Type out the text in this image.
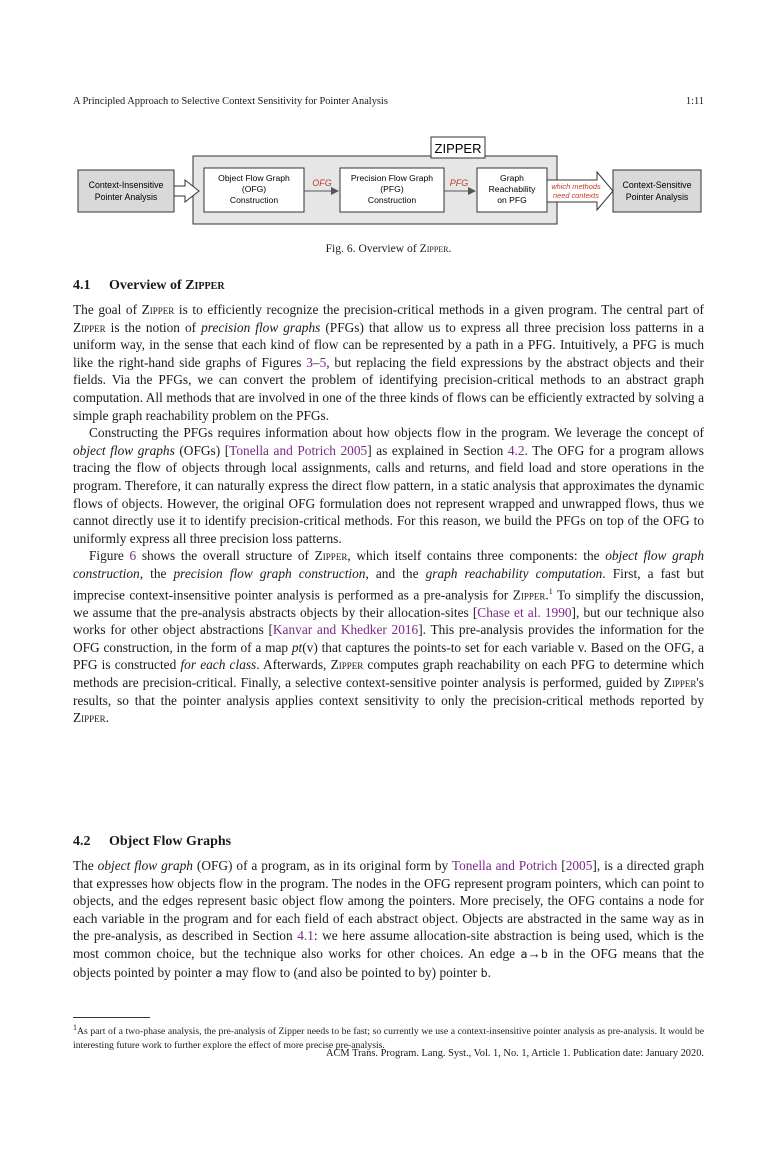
A Principled Approach to Selective Context Sensitivity for Pointer Analysis	1:11
ZIPPER
Context-Insensitive
Pointer Analysis
Object Flow Graph
(OFG)
Construction
OFG Precision Flow Graph
(PFG)
Construction
PFG	Graph
Reachability
on PFG
which methods
need contexts
Context-Sensitive
Pointer Analysis
Fig. 6. Overview of Zipper.
4.1 Overview of Zipper

The goal of Zipper is to efficiently recognize the precision-critical methods in a given program. The central part of Zipper is the notion of precision flow graphs (PFGs) that allow us to express all three precision loss patterns in a uniform way, in the sense that each kind of flow can be represented by a path in a PFG. Intuitively, a PFG is much like the right-hand side graphs of Figures 3–5, but replacing the field expressions by the abstract objects and their fields. Via the PFGs, we can convert the problem of identifying precision-critical methods to an abstract graph computation. All methods that are involved in one of the three kinds of flows can be efficiently extracted by solving a simple graph reachability problem on the PFGs.

Constructing the PFGs requires information about how objects flow in the program. We leverage the concept of object flow graphs (OFGs) [Tonella and Potrich 2005] as explained in Section 4.2. The OFG for a program allows tracing the flow of objects through local assignments, calls and returns, and field load and store operations in the program. Therefore, it can naturally express the direct flow pattern, in a static analysis that approximates the dynamic flows of objects. However, the original OFG formulation does not represent wrapped and unwrapped flows, thus we cannot directly use it to identify precision-critical methods. For this reason, we build the PFGs on top of the OFG to uniformly express all three precision loss patterns.

Figure 6 shows the overall structure of Zipper, which itself contains three components: the object flow graph construction, the precision flow graph construction, and the graph reachability computation. First, a fast but imprecise context-insensitive pointer analysis is performed as a pre-analysis for Zipper.$^1$ To simplify the discussion, we assume that the pre-analysis abstracts objects by their allocation-sites [Chase et al. 1990], but our technique also works for other object abstractions [Kanvar and Khedker 2016]. This pre-analysis provides the information for the OFG construction, in the form of a map pt(v) that captures the points-to set for each variable v. Based on the OFG, a PFG is constructed for each class. Afterwards, Zipper computes graph reachability on each PFG to determine which methods are precision-critical. Finally, a selective context-sensitive pointer analysis is performed, guided by Zipper's results, so that the pointer analysis applies context sensitivity to only the precision-critical methods reported by Zipper.

4.2 Object Flow Graphs

The object flow graph (OFG) of a program, as in its original form by Tonella and Potrich [2005], is a directed graph that expresses how objects flow in the program. The nodes in the OFG represent program pointers, which can point to objects, and the edges represent basic object flow among the pointers. More precisely, the OFG contains a node for each variable in the program and for each field of each abstract object. Objects are abstracted in the same way as in the pre-analysis, as described in Section 4.1: we here assume allocation-site abstraction is being used, which is the most common choice, but the technique also works for other choices. An edge a→b in the OFG means that the objects pointed by pointer a may flow to (and also be pointed to by) pointer b.

$^1$As part of a two-phase analysis, the pre-analysis of Zipper needs to be fast; so currently we use a context-insensitive pointer analysis as pre-analysis. It would be interesting future work to further explore the effect of more precise pre-analysis.
ACM Trans. Program. Lang. Syst., Vol. 1, No. 1, Article 1. Publication date: January 2020.
